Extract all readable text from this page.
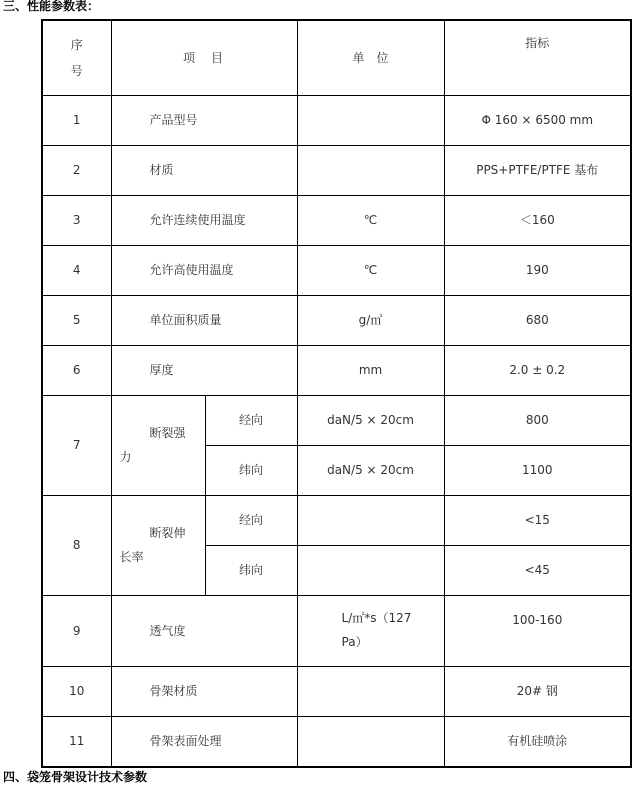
三、性能参数表：
序号	项　目		单　位	指标
1	产品型号			Φ 160 × 6500 mm
2	材质			PPS+PTFE/PTFE 基布
3	允许连续使用温度		℃	＜160
4	允许高使用温度		℃	190
5	单位面积质量		g/㎡	680
6	厚度		mm	2.0 ± 0.2
7	断裂强力	经向	daN/5 × 20cm	800
		纬向	daN/5 × 20cm	1100
8	断裂伸长率	经向		<15
		纬向		<45
9	透气度		L/㎡*s（127 Pa）	100-160
10	骨架材质			20# 钢
11	骨架表面处理			有机硅喷涂
四、袋笼骨架设计技术参数
